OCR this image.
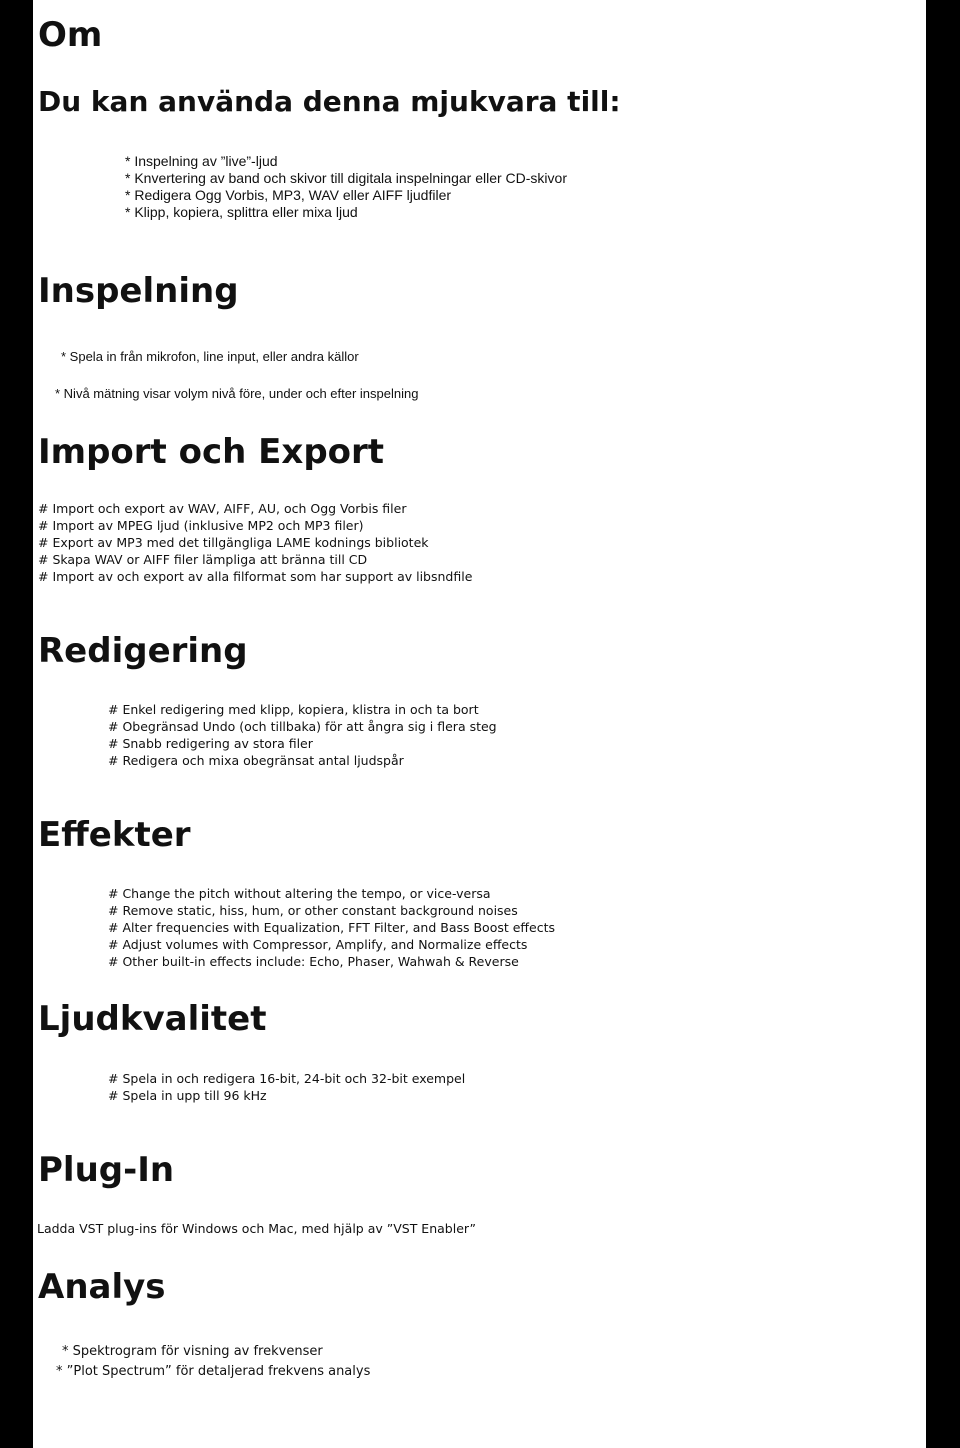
Om
Du kan använda denna mjukvara till:
* Inspelning av ”live”-ljud
* Knvertering av band och skivor till digitala inspelningar eller CD-skivor
* Redigera Ogg Vorbis, MP3, WAV eller AIFF ljudfiler
* Klipp, kopiera, splittra eller mixa ljud
Inspelning
* Spela in från mikrofon, line input, eller andra källor
* Nivå mätning visar volym nivå före, under och efter inspelning
Import och Export
# Import och export av WAV, AIFF, AU, och Ogg Vorbis filer
# Import av MPEG ljud (inklusive MP2 och MP3 filer)
# Export av MP3 med det tillgängliga LAME kodnings bibliotek
# Skapa WAV or AIFF filer lämpliga att bränna till CD
# Import av och export av alla filformat som har support av libsndfile
Redigering
# Enkel redigering med klipp, kopiera, klistra in och ta bort
# Obegränsad Undo (och tillbaka) för att ångra sig i flera steg
# Snabb redigering av stora filer
# Redigera och mixa obegränsat antal ljudspår
Effekter
# Change the pitch without altering the tempo, or vice-versa
# Remove static, hiss, hum, or other constant background noises
# Alter frequencies with Equalization, FFT Filter, and Bass Boost effects
# Adjust volumes with Compressor, Amplify, and Normalize effects
# Other built-in effects include: Echo, Phaser, Wahwah & Reverse
Ljudkvalitet
# Spela in och redigera 16-bit, 24-bit och 32-bit exempel
# Spela in upp till 96 kHz
Plug-In
Ladda VST plug-ins för Windows och Mac, med hjälp av ”VST Enabler”
Analys
* Spektrogram för visning av frekvenser
* ”Plot Spectrum” för detaljerad frekvens analys
